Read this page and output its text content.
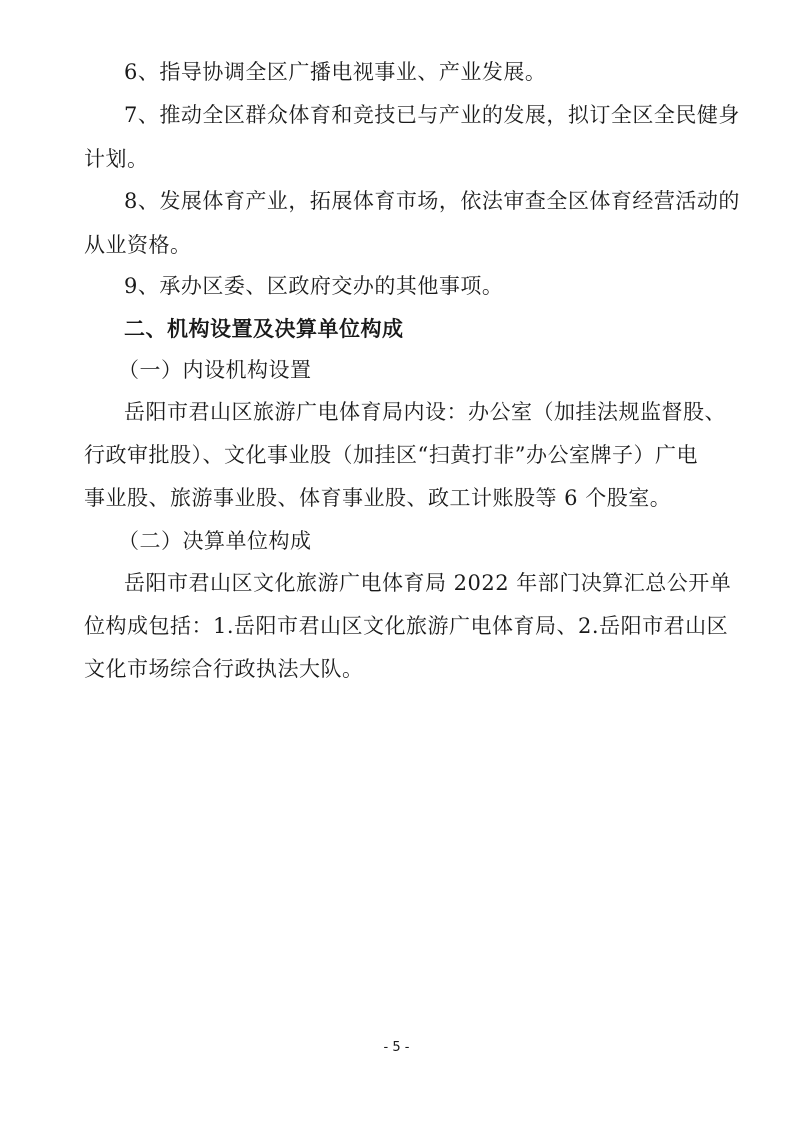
6、指导协调全区广播电视事业、产业发展。
7、推动全区群众体育和竞技已与产业的发展，拟订全区全民健身
计划。
8、发展体育产业，拓展体育市场，依法审查全区体育经营活动的
从业资格。
9、承办区委、区政府交办的其他事项。
二、机构设置及决算单位构成
（一）内设机构设置
岳阳市君山区旅游广电体育局内设：办公室（加挂法规监督股、
行政审批股）、文化事业股（加挂区“扫黄打非”办公室牌子）广电
事业股、旅游事业股、体育事业股、政工计账股等 6 个股室。
（二）决算单位构成
岳阳市君山区文化旅游广电体育局 2022 年部门决算汇总公开单
位构成包括：1.岳阳市君山区文化旅游广电体育局、2.岳阳市君山区
文化市场综合行政执法大队。
- 5 -
